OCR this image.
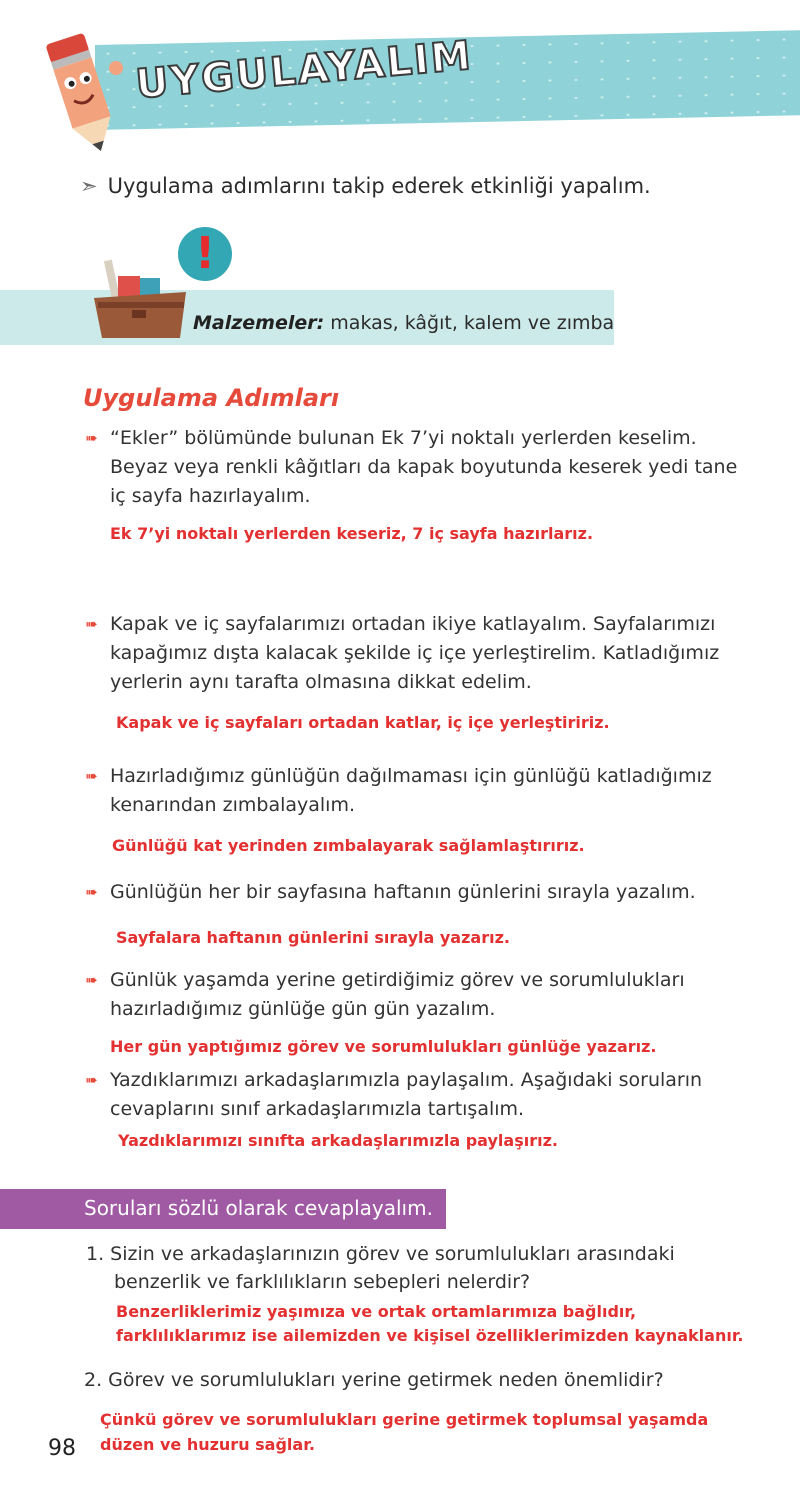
UYGULAYALIM
➣ Uygulama adımlarını takip ederek etkinliği yapalım.
!
Malzemeler: makas, kâğıt, kalem ve zımba
Uygulama Adımları
➠ “Ekler” bölümünde bulunan Ek 7’yi noktalı yerlerden keselim.
Beyaz veya renkli kâğıtları da kapak boyutunda keserek yedi tane
iç sayfa hazırlayalım.
Ek 7’yi noktalı yerlerden keseriz, 7 iç sayfa hazırlarız.
➠ Kapak ve iç sayfalarımızı ortadan ikiye katlayalım. Sayfalarımızı
kapağımız dışta kalacak şekilde iç içe yerleştirelim. Katladığımız
yerlerin aynı tarafta olmasına dikkat edelim.
Kapak ve iç sayfaları ortadan katlar, iç içe yerleştiririz.
➠ Hazırladığımız günlüğün dağılmaması için günlüğü katladığımız
kenarından zımbalayalım.
Günlüğü kat yerinden zımbalayarak sağlamlaştırırız.
➠ Günlüğün her bir sayfasına haftanın günlerini sırayla yazalım.
Sayfalara haftanın günlerini sırayla yazarız.
➠ Günlük yaşamda yerine getirdiğimiz görev ve sorumlulukları
hazırladığımız günlüğe gün gün yazalım.
Her gün yaptığımız görev ve sorumlulukları günlüğe yazarız.
➠ Yazdıklarımızı arkadaşlarımızla paylaşalım. Aşağıdaki soruların
cevaplarını sınıf arkadaşlarımızla tartışalım.
Yazdıklarımızı sınıfta arkadaşlarımızla paylaşırız.
Soruları sözlü olarak cevaplayalım.
1. Sizin ve arkadaşlarınızın görev ve sorumlulukları arasındaki
benzerlik ve farklılıkların sebepleri nelerdir?
Benzerliklerimiz yaşımıza ve ortak ortamlarımıza bağlıdır,
farklılıklarımız ise ailemizden ve kişisel özelliklerimizden kaynaklanır.
2. Görev ve sorumlulukları yerine getirmek neden önemlidir?
Çünkü görev ve sorumlulukları gerine getirmek toplumsal yaşamda
düzen ve huzuru sağlar.
98
